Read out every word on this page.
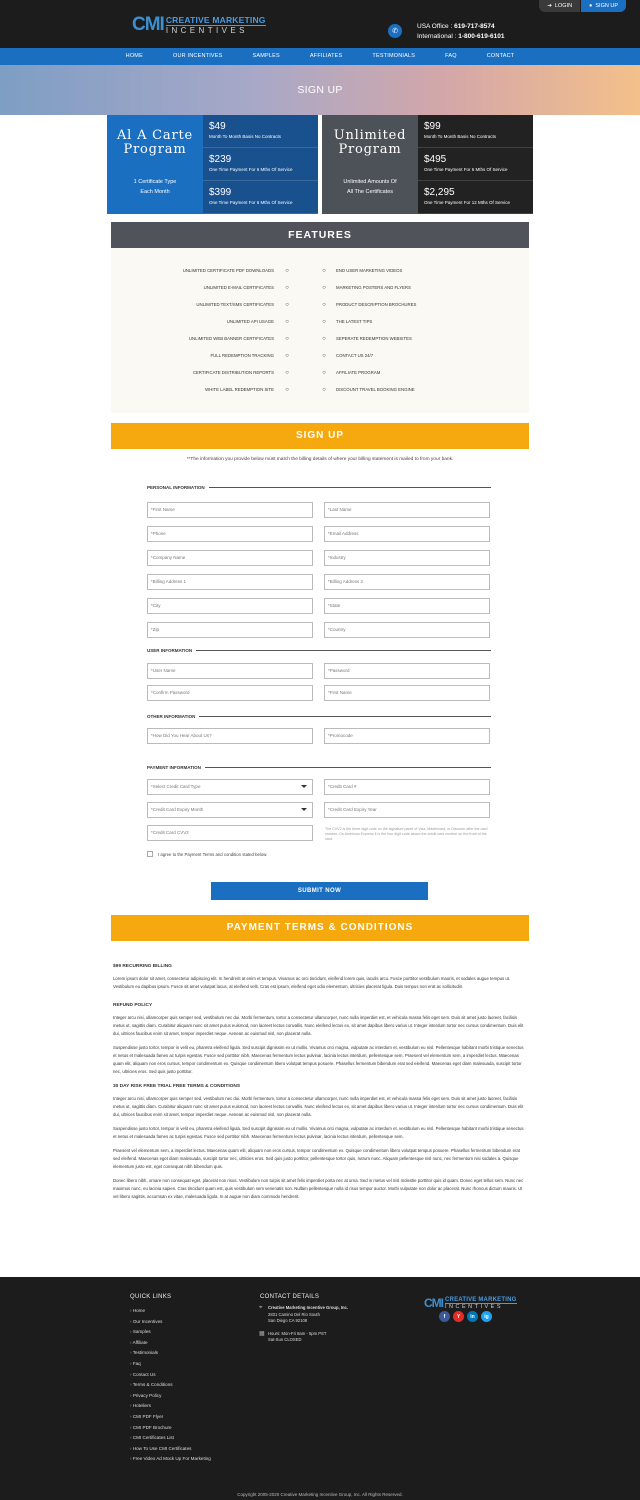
CMI CREATIVE MARKETING
INCENTIVES
➔ LOGIN	● SIGN UP
✆
USA Office : 619-717-8574
International : 1-800-619-6101
HOME	OUR INCENTIVES	SAMPLES	AFFILIATES	TESTIMONIALS	FAQ	CONTACT
SIGN UP
Al A Carte Program
1 Certificate Type
Each Month
$49
Month To Month Basis No Contracts
$239
One Time Payment For 6 Mths Of Service
$399
One Time Payment For 6 Mths Of Service
Unlimited Program
Unlimited Amounts Of
All The Certificates
$99
Month To Month Basis No Contracts
$495
One Time Payment For 6 Mths Of Service
$2,295
One Time Payment For 12 Mths Of Service
FEATURES
UNLIMITED CERTIFICATE PDF DOWNLOADS	○	○	END USER MARKETING VIDEOS
UNLIMITED E-MAIL CERTIFICATES	○	○	MARKETING POSTERS AND FLYERS
UNLIMITED TEXT/SMS CERTIFICATES	○	○	PRODUCT DESCRIPTION BROCHURES
UNLIMITED API USAGE	○	○	THE LATEST TIPS
UNLIMITED WEB BANNER CERTIFICATES	○	○	SEPERATE REDEMPTION WEBSITES
FULL REDEMPTION TRACKING	○	○	CONTACT US 24/7
CERTIFICATE DISTRIBUTION REPORTS	○	○	AFFILIATE PROGRAM
WHITE LABEL REDEMPTION SITE	○	○	DISCOUNT TRAVEL BOOKING ENGINE
SIGN UP
**The information you provide below must match the billing details of where your billing statement is mailed to from your bank.
PERSONAL INFORMATION
USER INFORMATION
OTHER INFORMATION
PAYMENT INFORMATION
The CVV2 is the three digit code on the signature panel of Visa, Mastercard, or Discover after the card number. On American Express it is the four digit code above the credit card number on the front of the card.
I agree to the Payment Terms and condition stated below.
SUBMIT NOW
*First Name	*Last Name
*Phone	*Email Address
*Company Name	*Industry
*Billing Address 1	*Billing Address 2
*City	*State
*Zip	*Country
*User Name	*Password
*Confirm Password	*First Name
*How Did You Hear About Us?	*Promocode
*Select Credit Card Type	*Credit Card #
*Credit Card Expiry Month	*Credit Card Expiry Year
*Credit Card CVV2
PAYMENT TERMS & CONDITIONS
$99 RECURRING BILLING

Lorem ipsum dolor sit amet, consectetur adipiscing elit. In hendrerit at enim et tempus. Vivamus ac orci tincidunt, eleifend lorem quis, iaculis arcu. Fusce porttitor vestibulum mauris, et sodales augue tempus ut. Vestibulum eu dapibus ipsum. Fusce sit amet volutpat lacus, at eleifend velit. Cras est ipsum, eleifend eget odio elementum, ultricies placerat ligula. Duis tempus non erat ac sollicitudin.

REFUND POLICY

Integer arcu nisi, ullamcorper quis semper sed, vestibulum nec dui. Morbi fermentum, tortor a consectetur ullamcorper, nunc nulla imperdiet est, et vehicula massa felis eget sem. Duis sit amet justo laoreet, facilisis metus ut, sagittis diam. Curabitur aliquam nunc sit amet purus euismod, non laoreet lectus convallis. Nunc eleifend lectus ex, sit amet dapibus libero varius ut. Integer interdum tortor nec cursus condimentum. Duis elit dui, ultrices faucibus enim sit amet, tempor imperdiet neque. Aenean ac euismod nisl, non placerat nulla.

Suspendisse justo tortor, tempor in velit eu, pharetra eleifend ligula. Sed suscipit dignissim ex ut mollis. Vivamus orci magna, vulputate ac interdum et, vestibulum eu nisl. Pellentesque habitant morbi tristique senectus et netus et malesuada fames ac turpis egestas. Fusce sed porttitor nibh. Maecenas fermentum lectus pulvinar, lacinia lectus interdum, pellentesque sem. Praesent vel elementum sem, a imperdiet lectus. Maecenas quam elit, aliquam non eros cursus, tempor condimentum ex. Quisque condimentum libero volutpat tempus posuere. Phasellus fermentum bibendum erat sed eleifend. Maecenas eget diam malesuada, suscipit tortor nec, ultricies eros. Sed quis justo porttitor.

30 DAY RISK FREE TRIAL FREE TERMS & CONDITIONS

Integer arcu nisi, ullamcorper quis semper sed, vestibulum nec dui. Morbi fermentum, tortor a consectetur ullamcorper, nunc nulla imperdiet est, et vehicula massa felis eget sem. Duis sit amet justo laoreet, facilisis metus ut, sagittis diam. Curabitur aliquam nunc sit amet purus euismod, non laoreet lectus convallis. Nunc eleifend lectus ex, sit amet dapibus libero varius ut. Integer interdum tortor nec cursus condimentum. Duis elit dui, ultrices faucibus enim sit amet, tempor imperdiet neque. Aenean ac euismod nisl, non placerat nulla.

Suspendisse justo tortor, tempor in velit eu, pharetra eleifend ligula. Sed suscipit dignissim ex ut mollis. Vivamus orci magna, vulputate ac interdum et, vestibulum eu nisl. Pellentesque habitant morbi tristique senectus et netus et malesuada fames ac turpis egestas. Fusce sed porttitor nibh. Maecenas fermentum lectus pulvinar, lacinia lectus interdum, pellentesque sem.

Praesent vel elementum sem, a imperdiet lectus. Maecenas quam elit, aliquam non eros cursus, tempor condimentum ex. Quisque condimentum libero volutpat tempus posuere. Phasellus fermentum bibendum erat sed eleifend. Maecenas eget diam malesuada, suscipit tortor nec, ultricies eros. Sed quis justo porttitor, pellentesque tortor quis, rutrum nunc. Aliquam pellentesque nisl nunc, nec fermentum nisi sodales a. Quisque elementum justo est, eget consequat nibh bibendum quis.

Donec libero nibh, ornare non consequat eget, placerat non risus. Vestibulum non turpis sit amet felis imperdiet porta nec at urna. Sed in metus vel nisl molestie porttitor quis id quam. Donec eget tellus sem. Nunc nec maximus nunc, eu lacinia sapien. Cras tincidunt quam est, quis vestibulum sem venenatis non. Nullam pellentesque nulla id risus tempor auctor. Morbi vulputate non dolor ac placerat. Nunc rhoncus dictum mauris. Ut vel libero sagittis, accumsan ex vitae, malesuada ligula. In at augue non diam commodo hendrerit.

QUICK LINKS
› Home
› Our Incentives
› Samples
› Affiliate
› Testimonials
› Faq
› Contact Us
› Terms & Conditions
› Privacy Policy
› Hoteliers
› CMI PDF Flyer
› CMI PDF Brochure
› CMI Certificates List
› How To Use CMI Certificates
› Free Video Ad Mock Up For Marketing
CONTACT DETAILS
⌖	Creative Marketing Incentive Group, Inc.
2831 Camino Del Rio South
San Diego CA 92108
▦ Hours: Mon-Fri 8am - 5pm PST
Sat-Sun CLOSED
CMI CREATIVE MARKETING
INCENTIVES
f	Y	in	ig
Copyright 2005-2020 Creative Marketing Incentive Group, Inc. All Rights Reserved.
